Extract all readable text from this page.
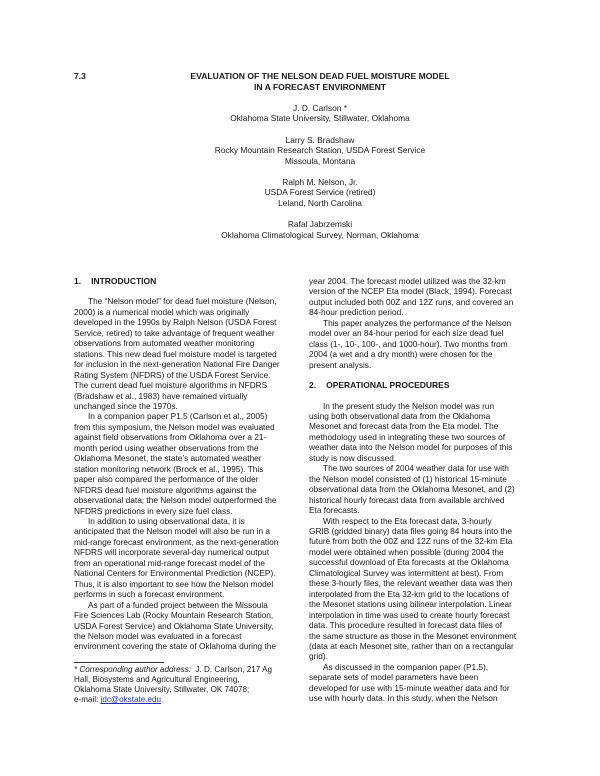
7.3	EVALUATION OF THE NELSON DEAD FUEL MOISTURE MODEL
IN A FORECAST ENVIRONMENT
J. D. Carlson *
Oklahoma State University, Stillwater, Oklahoma
Larry S. Bradshaw
Rocky Mountain Research Station, USDA Forest Service
Missoula, Montana
Ralph M. Nelson, Jr.
USDA Forest Service (retired)
Leland, North Carolina
Rafal Jabrzemski
Oklahoma Climatological Survey, Norman, Oklahoma
1. INTRODUCTION
The “Nelson model” for dead fuel moisture (Nelson,
2000) is a numerical model which was originally
developed in the 1990s by Ralph Nelson (USDA Forest
Service, retired) to take advantage of frequent weather
observations from automated weather monitoring
stations. This new dead fuel moisture model is targeted
for inclusion in the next-generation National Fire Danger
Rating System (NFDRS) of the USDA Forest Service.
The current dead fuel moisture algorithms in NFDRS
(Bradshaw et al., 1983) have remained virtually
unchanged since the 1970s.
In a companion paper P1.5 (Carlson et al., 2005)
from this symposium, the Nelson model was evaluated
against field observations from Oklahoma over a 21-
month period using weather observations from the
Oklahoma Mesonet, the state’s automated weather
station monitoring network (Brock et al., 1995). This
paper also compared the performance of the older
NFDRS dead fuel moisture algorithms against the
observational data; the Nelson model outperformed the
NFDRS predictions in every size fuel class.
In addition to using observational data, it is
anticipated that the Nelson model will also be run in a
mid-range forecast environment, as the next-generation
NFDRS will incorporate several-day numerical output
from an operational mid-range forecast model of the
National Centers for Environmental Prediction (NCEP).
Thus, it is also important to see how the Nelson model
performs in such a forecast environment.
As part of a funded project between the Missoula
Fire Sciences Lab (Rocky Mountain Research Station,
USDA Forest Service) and Oklahoma State University,
the Nelson model was evaluated in a forecast
environment covering the state of Oklahoma during the
* Corresponding author address: J. D. Carlson, 217 Ag
Hall, Biosystems and Agricultural Engineering,
Oklahoma State University, Stillwater, OK 74078;
e-mail: jdc@okstate.edu
year 2004. The forecast model utilized was the 32-km
version of the NCEP Eta model (Black, 1994). Forecast
output included both 00Z and 12Z runs, and covered an
84-hour prediction period.
This paper analyzes the performance of the Nelson
model over an 84-hour period for each size dead fuel
class (1-, 10-, 100-, and 1000-hour). Two months from
2004 (a wet and a dry month) were chosen for the
present analysis.
2. OPERATIONAL PROCEDURES
In the present study the Nelson model was run
using both observational data from the Oklahoma
Mesonet and forecast data from the Eta model. The
methodology used in integrating these two sources of
weather data into the Nelson model for purposes of this
study is now discussed.
The two sources of 2004 weather data for use with
the Nelson model consisted of (1) historical 15-minute
observational data from the Oklahoma Mesonet, and (2)
historical hourly forecast data from available archived
Eta forecasts.
With respect to the Eta forecast data, 3-hourly
GRIB (gridded binary) data files going 84 hours into the
future from both the 00Z and 12Z runs of the 32-km Eta
model were obtained when possible (during 2004 the
successful download of Eta forecasts at the Oklahoma
Climatological Survey was intermittent at best). From
these 3-hourly files, the relevant weather data was then
interpolated from the Eta 32-km grid to the locations of
the Mesonet stations using bilinear interpolation. Linear
interpolation in time was used to create hourly forecast
data. This procedure resulted in forecast data files of
the same structure as those in the Mesonet environment
(data at each Mesonet site, rather than on a rectangular
grid).
As discussed in the companion paper (P1.5),
separate sets of model parameters have been
developed for use with 15-minute weather data and for
use with hourly data. In this study, when the Nelson
